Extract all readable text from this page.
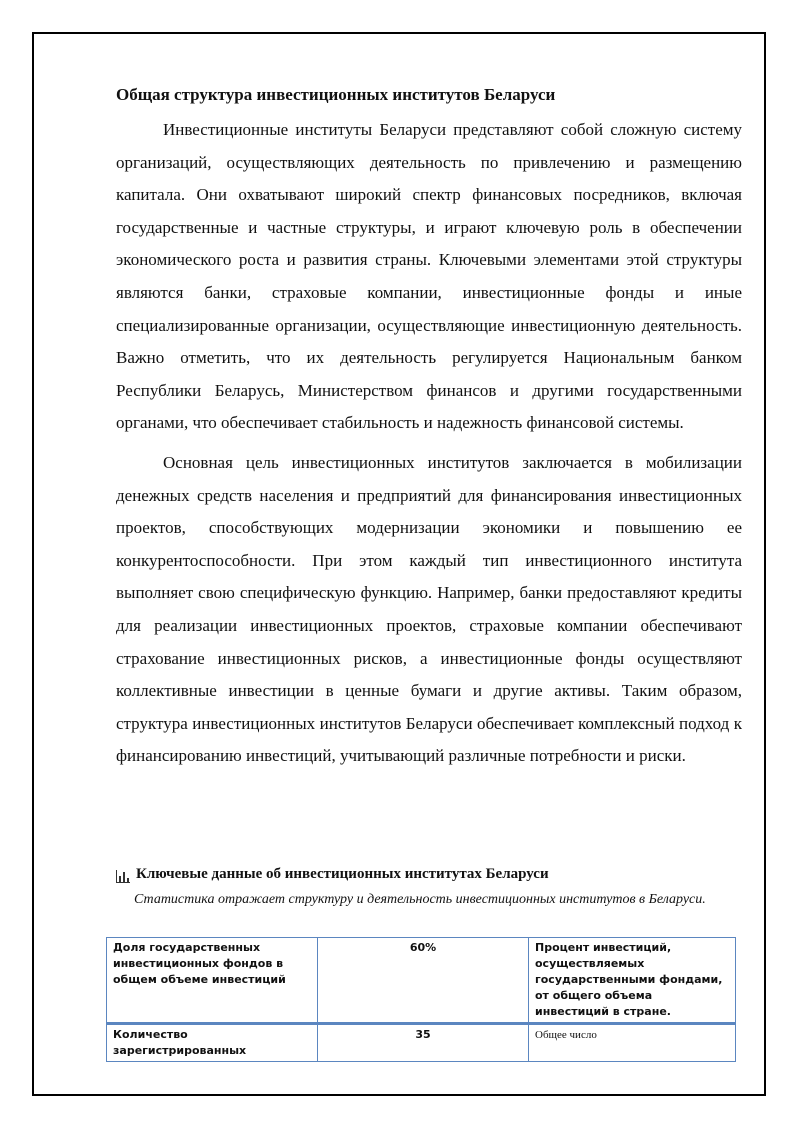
Общая структура инвестиционных институтов Беларуси

Инвестиционные институты Беларуси представляют собой сложную систему организаций, осуществляющих деятельность по привлечению и размещению капитала. Они охватывают широкий спектр финансовых посредников, включая государственные и частные структуры, и играют ключевую роль в обеспечении экономического роста и развития страны. Ключевыми элементами этой структуры являются банки, страховые компании, инвестиционные фонды и иные специализированные организации, осуществляющие инвестиционную деятельность. Важно отметить, что их деятельность регулируется Национальным банком Республики Беларусь, Министерством финансов и другими государственными органами, что обеспечивает стабильность и надежность финансовой системы.

Основная цель инвестиционных институтов заключается в мобилизации денежных средств населения и предприятий для финансирования инвестиционных проектов, способствующих модернизации экономики и повышению ее конкурентоспособности. При этом каждый тип инвестиционного института выполняет свою специфическую функцию. Например, банки предоставляют кредиты для реализации инвестиционных проектов, страховые компании обеспечивают страхование инвестиционных рисков, а инвестиционные фонды осуществляют коллективные инвестиции в ценные бумаги и другие активы. Таким образом, структура инвестиционных институтов Беларуси обеспечивает комплексный подход к финансированию инвестиций, учитывающий различные потребности и риски.

Ключевые данные об инвестиционных институтах Беларуси
Статистика отражает структуру и деятельность инвестиционных институтов в Беларуси.
Доля государственных инвестиционных фондов в общем объеме инвестиций	60%	Процент инвестиций, осуществляемых государственными фондами, от общего объема инвестиций в стране.
Количество зарегистрированных	35	Общее число
